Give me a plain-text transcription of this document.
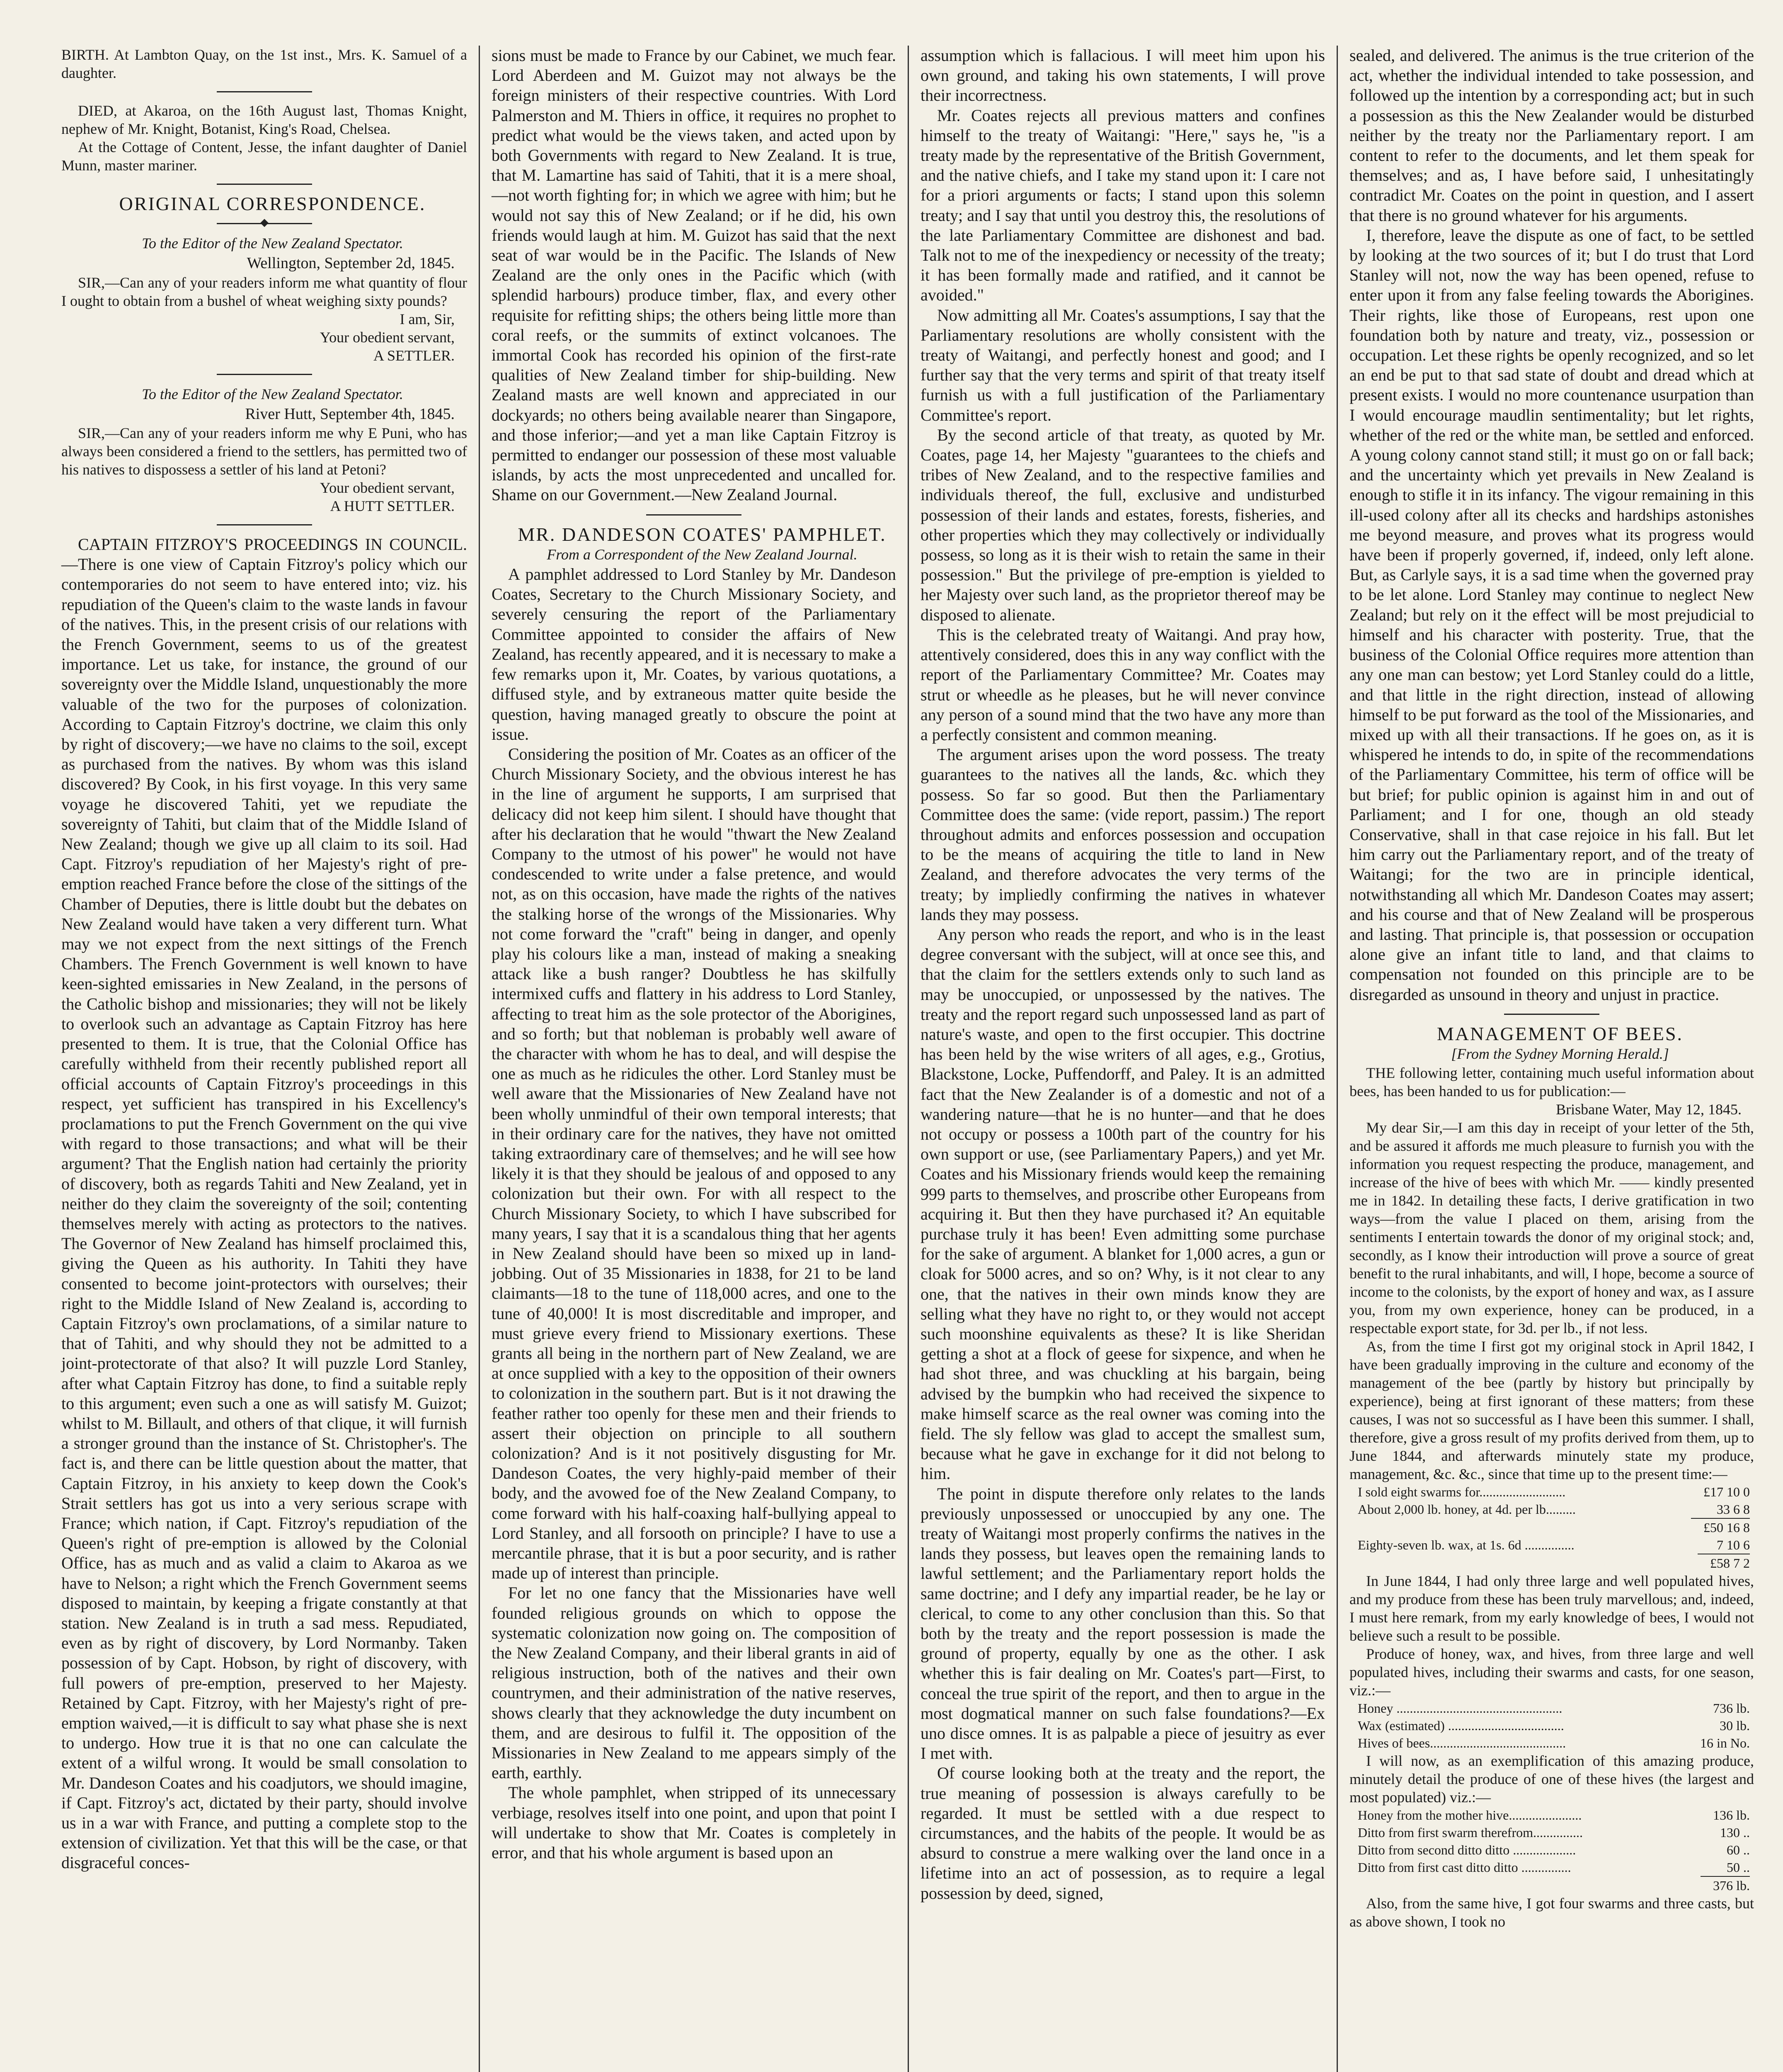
BIRTH. At Lambton Quay, on the 1st inst., Mrs. K. Samuel of a daughter.

DIED, at Akaroa, on the 16th August last, Thomas Knight, nephew of Mr. Knight, Botanist, King's Road, Chelsea.

At the Cottage of Content, Jesse, the infant daughter of Daniel Munn, master mariner.

ORIGINAL CORRESPONDENCE.

To the Editor of the New Zealand Spectator.

Wellington, September 2d, 1845.

SIR,—Can any of your readers inform me what quantity of flour I ought to obtain from a bushel of wheat weighing sixty pounds?

I am, Sir,

Your obedient servant,

A SETTLER.

To the Editor of the New Zealand Spectator.

River Hutt, September 4th, 1845.

SIR,—Can any of your readers inform me why E Puni, who has always been considered a friend to the settlers, has permitted two of his natives to dispossess a settler of his land at Petoni?

Your obedient servant,

A HUTT SETTLER.

CAPTAIN FITZROY'S PROCEEDINGS IN COUNCIL.—There is one view of Captain Fitzroy's policy which our contemporaries do not seem to have entered into; viz. his repudiation of the Queen's claim to the waste lands in favour of the natives. This, in the present crisis of our relations with the French Government, seems to us of the greatest importance. Let us take, for instance, the ground of our sovereignty over the Middle Island, unquestionably the more valuable of the two for the purposes of colonization. According to Captain Fitzroy's doctrine, we claim this only by right of discovery;—we have no claims to the soil, except as purchased from the natives. By whom was this island discovered? By Cook, in his first voyage. In this very same voyage he discovered Tahiti, yet we repudiate the sovereignty of Tahiti, but claim that of the Middle Island of New Zealand; though we give up all claim to its soil. Had Capt. Fitzroy's repudiation of her Majesty's right of pre-emption reached France before the close of the sittings of the Chamber of Deputies, there is little doubt but the debates on New Zealand would have taken a very different turn. What may we not expect from the next sittings of the French Chambers. The French Government is well known to have keen-sighted emissaries in New Zealand, in the persons of the Catholic bishop and missionaries; they will not be likely to overlook such an advantage as Captain Fitzroy has here presented to them. It is true, that the Colonial Office has carefully withheld from their recently published report all official accounts of Captain Fitzroy's proceedings in this respect, yet sufficient has transpired in his Excellency's proclamations to put the French Government on the qui vive with regard to those transactions; and what will be their argument? That the English nation had certainly the priority of discovery, both as regards Tahiti and New Zealand, yet in neither do they claim the sovereignty of the soil; contenting themselves merely with acting as protectors to the natives. The Governor of New Zealand has himself proclaimed this, giving the Queen as his authority. In Tahiti they have consented to become joint-protectors with ourselves; their right to the Middle Island of New Zealand is, according to Captain Fitzroy's own proclamations, of a similar nature to that of Tahiti, and why should they not be admitted to a joint-protectorate of that also? It will puzzle Lord Stanley, after what Captain Fitzroy has done, to find a suitable reply to this argument; even such a one as will satisfy M. Guizot; whilst to M. Billault, and others of that clique, it will furnish a stronger ground than the instance of St. Christopher's. The fact is, and there can be little question about the matter, that Captain Fitzroy, in his anxiety to keep down the Cook's Strait settlers has got us into a very serious scrape with France; which nation, if Capt. Fitzroy's repudiation of the Queen's right of pre-emption is allowed by the Colonial Office, has as much and as valid a claim to Akaroa as we have to Nelson; a right which the French Government seems disposed to maintain, by keeping a frigate constantly at that station. New Zealand is in truth a sad mess. Repudiated, even as by right of discovery, by Lord Normanby. Taken possession of by Capt. Hobson, by right of discovery, with full powers of pre-emption, preserved to her Majesty. Retained by Capt. Fitzroy, with her Majesty's right of pre-emption waived,—it is difficult to say what phase she is next to undergo. How true it is that no one can calculate the extent of a wilful wrong. It would be small consolation to Mr. Dandeson Coates and his coadjutors, we should imagine, if Capt. Fitzroy's act, dictated by their party, should involve us in a war with France, and putting a complete stop to the extension of civilization. Yet that this will be the case, or that disgraceful conces-

sions must be made to France by our Cabinet, we much fear. Lord Aberdeen and M. Guizot may not always be the foreign ministers of their respective countries. With Lord Palmerston and M. Thiers in office, it requires no prophet to predict what would be the views taken, and acted upon by both Governments with regard to New Zealand. It is true, that M. Lamartine has said of Tahiti, that it is a mere shoal,—not worth fighting for; in which we agree with him; but he would not say this of New Zealand; or if he did, his own friends would laugh at him. M. Guizot has said that the next seat of war would be in the Pacific. The Islands of New Zealand are the only ones in the Pacific which (with splendid harbours) produce timber, flax, and every other requisite for refitting ships; the others being little more than coral reefs, or the summits of extinct volcanoes. The immortal Cook has recorded his opinion of the first-rate qualities of New Zealand timber for ship-building. New Zealand masts are well known and appreciated in our dockyards; no others being available nearer than Singapore, and those inferior;—and yet a man like Captain Fitzroy is permitted to endanger our possession of these most valuable islands, by acts the most unprecedented and uncalled for. Shame on our Government.—New Zealand Journal.

MR. DANDESON COATES' PAMPHLET.

From a Correspondent of the New Zealand Journal.

A pamphlet addressed to Lord Stanley by Mr. Dandeson Coates, Secretary to the Church Missionary Society, and severely censuring the report of the Parliamentary Committee appointed to consider the affairs of New Zealand, has recently appeared, and it is necessary to make a few remarks upon it, Mr. Coates, by various quotations, a diffused style, and by extraneous matter quite beside the question, having managed greatly to obscure the point at issue.

Considering the position of Mr. Coates as an officer of the Church Missionary Society, and the obvious interest he has in the line of argument he supports, I am surprised that delicacy did not keep him silent. I should have thought that after his declaration that he would "thwart the New Zealand Company to the utmost of his power" he would not have condescended to write under a false pretence, and would not, as on this occasion, have made the rights of the natives the stalking horse of the wrongs of the Missionaries. Why not come forward the "craft" being in danger, and openly play his colours like a man, instead of making a sneaking attack like a bush ranger? Doubtless he has skilfully intermixed cuffs and flattery in his address to Lord Stanley, affecting to treat him as the sole protector of the Aborigines, and so forth; but that nobleman is probably well aware of the character with whom he has to deal, and will despise the one as much as he ridicules the other. Lord Stanley must be well aware that the Missionaries of New Zealand have not been wholly unmindful of their own temporal interests; that in their ordinary care for the natives, they have not omitted taking extraordinary care of themselves; and he will see how likely it is that they should be jealous of and opposed to any colonization but their own. For with all respect to the Church Missionary Society, to which I have subscribed for many years, I say that it is a scandalous thing that her agents in New Zealand should have been so mixed up in land-jobbing. Out of 35 Missionaries in 1838, for 21 to be land claimants—18 to the tune of 118,000 acres, and one to the tune of 40,000! It is most discreditable and improper, and must grieve every friend to Missionary exertions. These grants all being in the northern part of New Zealand, we are at once supplied with a key to the opposition of their owners to colonization in the southern part. But is it not drawing the feather rather too openly for these men and their friends to assert their objection on principle to all southern colonization? And is it not positively disgusting for Mr. Dandeson Coates, the very highly-paid member of their body, and the avowed foe of the New Zealand Company, to come forward with his half-coaxing half-bullying appeal to Lord Stanley, and all forsooth on principle? I have to use a mercantile phrase, that it is but a poor security, and is rather made up of interest than principle.

For let no one fancy that the Missionaries have well founded religious grounds on which to oppose the systematic colonization now going on. The composition of the New Zealand Company, and their liberal grants in aid of religious instruction, both of the natives and their own countrymen, and their administration of the native reserves, shows clearly that they acknowledge the duty incumbent on them, and are desirous to fulfil it. The opposition of the Missionaries in New Zealand to me appears simply of the earth, earthly.

The whole pamphlet, when stripped of its unnecessary verbiage, resolves itself into one point, and upon that point I will undertake to show that Mr. Coates is completely in error, and that his whole argument is based upon an

assumption which is fallacious. I will meet him upon his own ground, and taking his own statements, I will prove their incorrectness.

Mr. Coates rejects all previous matters and confines himself to the treaty of Waitangi: "Here," says he, "is a treaty made by the representative of the British Government, and the native chiefs, and I take my stand upon it: I care not for a priori arguments or facts; I stand upon this solemn treaty; and I say that until you destroy this, the resolutions of the late Parliamentary Committee are dishonest and bad. Talk not to me of the inexpediency or necessity of the treaty; it has been formally made and ratified, and it cannot be avoided."

Now admitting all Mr. Coates's assumptions, I say that the Parliamentary resolutions are wholly consistent with the treaty of Waitangi, and perfectly honest and good; and I further say that the very terms and spirit of that treaty itself furnish us with a full justification of the Parliamentary Committee's report.

By the second article of that treaty, as quoted by Mr. Coates, page 14, her Majesty "guarantees to the chiefs and tribes of New Zealand, and to the respective families and individuals thereof, the full, exclusive and undisturbed possession of their lands and estates, forests, fisheries, and other properties which they may collectively or individually possess, so long as it is their wish to retain the same in their possession." But the privilege of pre-emption is yielded to her Majesty over such land, as the proprietor thereof may be disposed to alienate.

This is the celebrated treaty of Waitangi. And pray how, attentively considered, does this in any way conflict with the report of the Parliamentary Committee? Mr. Coates may strut or wheedle as he pleases, but he will never convince any person of a sound mind that the two have any more than a perfectly consistent and common meaning.

The argument arises upon the word possess. The treaty guarantees to the natives all the lands, &c. which they possess. So far so good. But then the Parliamentary Committee does the same: (vide report, passim.) The report throughout admits and enforces possession and occupation to be the means of acquiring the title to land in New Zealand, and therefore advocates the very terms of the treaty; by impliedly confirming the natives in whatever lands they may possess.

Any person who reads the report, and who is in the least degree conversant with the subject, will at once see this, and that the claim for the settlers extends only to such land as may be unoccupied, or unpossessed by the natives. The treaty and the report regard such unpossessed land as part of nature's waste, and open to the first occupier. This doctrine has been held by the wise writers of all ages, e.g., Grotius, Blackstone, Locke, Puffendorff, and Paley. It is an admitted fact that the New Zealander is of a domestic and not of a wandering nature—that he is no hunter—and that he does not occupy or possess a 100th part of the country for his own support or use, (see Parliamentary Papers,) and yet Mr. Coates and his Missionary friends would keep the remaining 999 parts to themselves, and proscribe other Europeans from acquiring it. But then they have purchased it? An equitable purchase truly it has been! Even admitting some purchase for the sake of argument. A blanket for 1,000 acres, a gun or cloak for 5000 acres, and so on? Why, is it not clear to any one, that the natives in their own minds know they are selling what they have no right to, or they would not accept such moonshine equivalents as these? It is like Sheridan getting a shot at a flock of geese for sixpence, and when he had shot three, and was chuckling at his bargain, being advised by the bumpkin who had received the sixpence to make himself scarce as the real owner was coming into the field. The sly fellow was glad to accept the smallest sum, because what he gave in exchange for it did not belong to him.

The point in dispute therefore only relates to the lands previously unpossessed or unoccupied by any one. The treaty of Waitangi most properly confirms the natives in the lands they possess, but leaves open the remaining lands to lawful settlement; and the Parliamentary report holds the same doctrine; and I defy any impartial reader, be he lay or clerical, to come to any other conclusion than this. So that both by the treaty and the report possession is made the ground of property, equally by one as the other. I ask whether this is fair dealing on Mr. Coates's part—First, to conceal the true spirit of the report, and then to argue in the most dogmatical manner on such false foundations?—Ex uno disce omnes. It is as palpable a piece of jesuitry as ever I met with.

Of course looking both at the treaty and the report, the true meaning of possession is always carefully to be regarded. It must be settled with a due respect to circumstances, and the habits of the people. It would be as absurd to construe a mere walking over the land once in a lifetime into an act of possession, as to require a legal possession by deed, signed,

sealed, and delivered. The animus is the true criterion of the act, whether the individual intended to take possession, and followed up the intention by a corresponding act; but in such a possession as this the New Zealander would be disturbed neither by the treaty nor the Parliamentary report. I am content to refer to the documents, and let them speak for themselves; and as, I have before said, I unhesitatingly contradict Mr. Coates on the point in question, and I assert that there is no ground whatever for his arguments.

I, therefore, leave the dispute as one of fact, to be settled by looking at the two sources of it; but I do trust that Lord Stanley will not, now the way has been opened, refuse to enter upon it from any false feeling towards the Aborigines. Their rights, like those of Europeans, rest upon one foundation both by nature and treaty, viz., possession or occupation. Let these rights be openly recognized, and so let an end be put to that sad state of doubt and dread which at present exists. I would no more countenance usurpation than I would encourage maudlin sentimentality; but let rights, whether of the red or the white man, be settled and enforced. A young colony cannot stand still; it must go on or fall back; and the uncertainty which yet prevails in New Zealand is enough to stifle it in its infancy. The vigour remaining in this ill-used colony after all its checks and hardships astonishes me beyond measure, and proves what its progress would have been if properly governed, if, indeed, only left alone. But, as Carlyle says, it is a sad time when the governed pray to be let alone. Lord Stanley may continue to neglect New Zealand; but rely on it the effect will be most prejudicial to himself and his character with posterity. True, that the business of the Colonial Office requires more attention than any one man can bestow; yet Lord Stanley could do a little, and that little in the right direction, instead of allowing himself to be put forward as the tool of the Missionaries, and mixed up with all their transactions. If he goes on, as it is whispered he intends to do, in spite of the recommendations of the Parliamentary Committee, his term of office will be but brief; for public opinion is against him in and out of Parliament; and I for one, though an old steady Conservative, shall in that case rejoice in his fall. But let him carry out the Parliamentary report, and of the treaty of Waitangi; for the two are in principle identical, notwithstanding all which Mr. Dandeson Coates may assert; and his course and that of New Zealand will be prosperous and lasting. That principle is, that possession or occupation alone give an infant title to land, and that claims to compensation not founded on this principle are to be disregarded as unsound in theory and unjust in practice.

MANAGEMENT OF BEES.

[From the Sydney Morning Herald.]

THE following letter, containing much useful information about bees, has been handed to us for publication:—

Brisbane Water, May 12, 1845.

My dear Sir,—I am this day in receipt of your letter of the 5th, and be assured it affords me much pleasure to furnish you with the information you request respecting the produce, management, and increase of the hive of bees with which Mr. —— kindly presented me in 1842. In detailing these facts, I derive gratification in two ways—from the value I placed on them, arising from the sentiments I entertain towards the donor of my original stock; and, secondly, as I know their introduction will prove a source of great benefit to the rural inhabitants, and will, I hope, become a source of income to the colonists, by the export of honey and wax, as I assure you, from my own experience, honey can be produced, in a respectable export state, for 3d. per lb., if not less.

As, from the time I first got my original stock in April 1842, I have been gradually improving in the culture and economy of the management of the bee (partly by history but principally by experience), being at first ignorant of these matters; from these causes, I was not so successful as I have been this summer. I shall, therefore, give a gross result of my profits derived from them, up to June 1844, and afterwards minutely state my produce, management, &c. &c., since that time up to the present time:—

I sold eight swarms for..........................	£17 10 0
About 2,000 lb. honey, at 4d. per lb.........	33 6 8
£50 16 8
Eighty-seven lb. wax, at 1s. 6d ...............	7 10 6
£58 7 2

In June 1844, I had only three large and well populated hives, and my produce from these has been truly marvellous; and, indeed, I must here remark, from my early knowledge of bees, I would not believe such a result to be possible.

Produce of honey, wax, and hives, from three large and well populated hives, including their swarms and casts, for one season, viz.:—

Honey ..................................................	736 lb.
Wax (estimated) ...................................	30 lb.
Hives of bees.........................................	16 in No.

I will now, as an exemplification of this amazing produce, minutely detail the produce of one of these hives (the largest and most populated) viz.:—

Honey from the mother hive......................	136 lb.
Ditto from first swarm therefrom...............	130 ..
Ditto from second ditto ditto ...................	60 ..
Ditto from first cast ditto ditto ...............	50 ..
376 lb.

Also, from the same hive, I got four swarms and three casts, but as above shown, I took no
